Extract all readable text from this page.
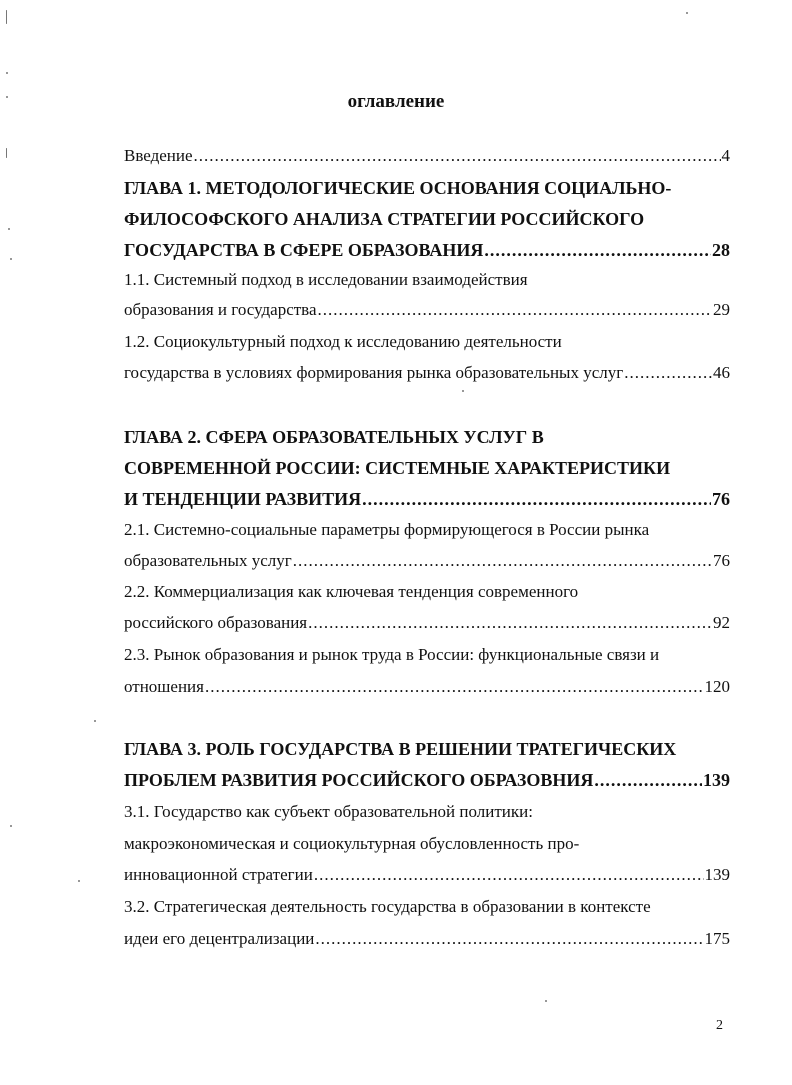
оглавление
Введение .....	4
ГЛАВА 1. МЕТОДОЛОГИЧЕСКИЕ ОСНОВАНИЯ СОЦИАЛЬНО-
ФИЛОСОФСКОГО АНАЛИЗА СТРАТЕГИИ РОССИЙСКОГО
ГОСУДАРСТВА В СФЕРЕ ОБРАЗОВАНИЯ .....	28
1.1. Системный подход в исследовании взаимодействия
образования и государства .....	29
1.2. Социокультурный подход к исследованию деятельности
государства в условиях формирования рынка образовательных услуг .....	46
ГЛАВА 2. СФЕРА ОБРАЗОВАТЕЛЬНЫХ УСЛУГ В
СОВРЕМЕННОЙ РОССИИ: СИСТЕМНЫЕ ХАРАКТЕРИСТИКИ
И ТЕНДЕНЦИИ РАЗВИТИЯ .....	76
2.1. Системно-социальные параметры формирующегося в России рынка
образовательных услуг .....	76
2.2. Коммерциализация как ключевая тенденция современного
российского образования .....	92
2.3. Рынок образования и рынок труда в России: функциональные связи и
отношения .....	120
ГЛАВА 3. РОЛЬ ГОСУДАРСТВА В РЕШЕНИИ ТРАТЕГИЧЕСКИХ
ПРОБЛЕМ РАЗВИТИЯ РОССИЙСКОГО ОБРАЗОВНИЯ .....	139
3.1. Государство как субъект образовательной политики:
макроэкономическая и социокультурная обусловленность про-
инновационной стратегии .....	139
3.2. Стратегическая деятельность государства в образовании в контексте
идеи его децентрализации .....	175
2
